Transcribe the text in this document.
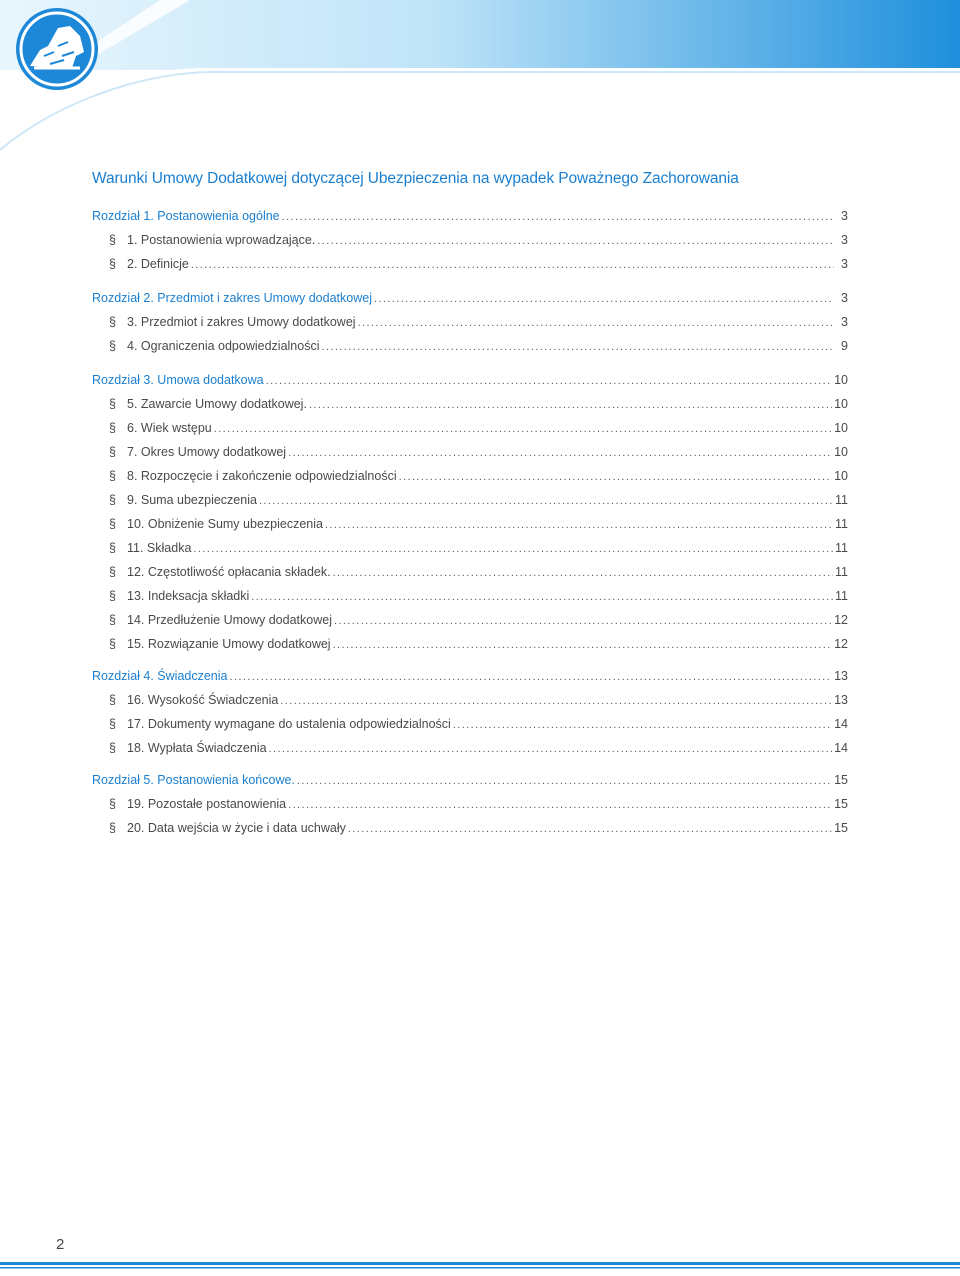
Warunki Umowy Dodatkowej dotyczącej Ubezpieczenia na wypadek Poważnego Zachorowania
Rozdział 1. Postanowienia ogólne .....	3
§ 1. Postanowienia wprowadzające. .....	3
§ 2. Definicje .....	3
Rozdział 2. Przedmiot i zakres Umowy dodatkowej .....	3
§ 3. Przedmiot i zakres Umowy dodatkowej .....	3
§ 4. Ograniczenia odpowiedzialności .....	9
Rozdział 3. Umowa dodatkowa .....	10
§ 5. Zawarcie Umowy dodatkowej. .....	10
§ 6. Wiek wstępu .....	10
§ 7. Okres Umowy dodatkowej .....	10
§ 8. Rozpoczęcie i zakończenie odpowiedzialności .....	10
§ 9. Suma ubezpieczenia .....	11
§ 10. Obniżenie Sumy ubezpieczenia .....	11
§ 11. Składka .....	11
§ 12. Częstotliwość opłacania składek. .....	11
§ 13. Indeksacja składki .....	11
§ 14. Przedłużenie Umowy dodatkowej .....	12
§ 15. Rozwiązanie Umowy dodatkowej .....	12
Rozdział 4. Świadczenia .....	13
§ 16. Wysokość Świadczenia .....	13
§ 17. Dokumenty wymagane do ustalenia odpowiedzialności .....	14
§ 18. Wypłata Świadczenia .....	14
Rozdział 5. Postanowienia końcowe. .....	15
§ 19. Pozostałe postanowienia .....	15
§ 20. Data wejścia w życie i data uchwały .....	15
2
